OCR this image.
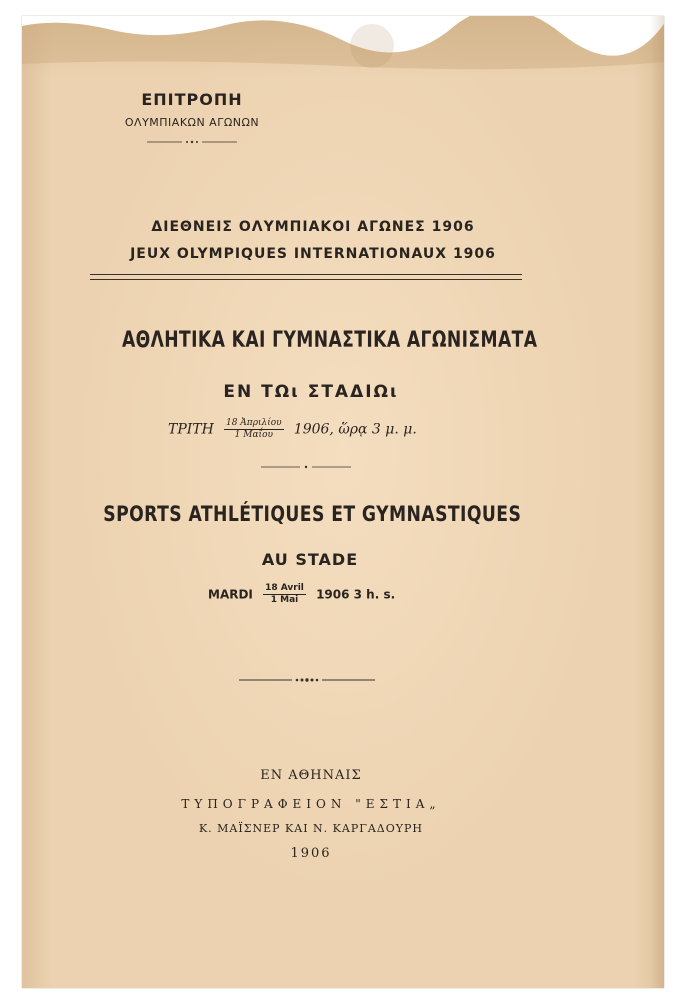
ΕΠΙΤΡΟΠΗ
ΟΛΥΜΠΙΑΚΩΝ ΑΓΩΝΩΝ
ΔΙΕΘΝΕΙΣ ΟΛΥΜΠΙΑΚΟΙ ΑΓΩΝΕΣ 1906
JEUX OLYMPIQUES INTERNATIONAUX 1906
ΑΘΛΗΤΙΚΑ ΚΑΙ ΓΥΜΝΑΣΤΙΚΑ ΑΓΩΝΙΣΜΑΤΑ
ΕΝ ΤΩι ΣΤΑΔΙΩι
ΤΡΙΤΗ $\frac{\text{18 Ἀπριλίου}}{\text{1 Μαΐου}} 1906$, ὥρᾳ 3 μ. μ.
SPORTS ATHLÉTIQUES ET GYMNASTIQUES
AU STADE
MARDI $\frac{\text{18 Avril}}{\text{1 Mai}} 1906$ 3 h. s.
ΕΝ ΑΘΗΝΑΙΣ
ΤΥΠΟΓΡΑΦΕΙΟΝ "ΕΣΤΙΑ„
Κ. ΜΑΪΣΝΕΡ ΚΑΙ Ν. ΚΑΡΓΑΔΟΥΡΗ
1906
